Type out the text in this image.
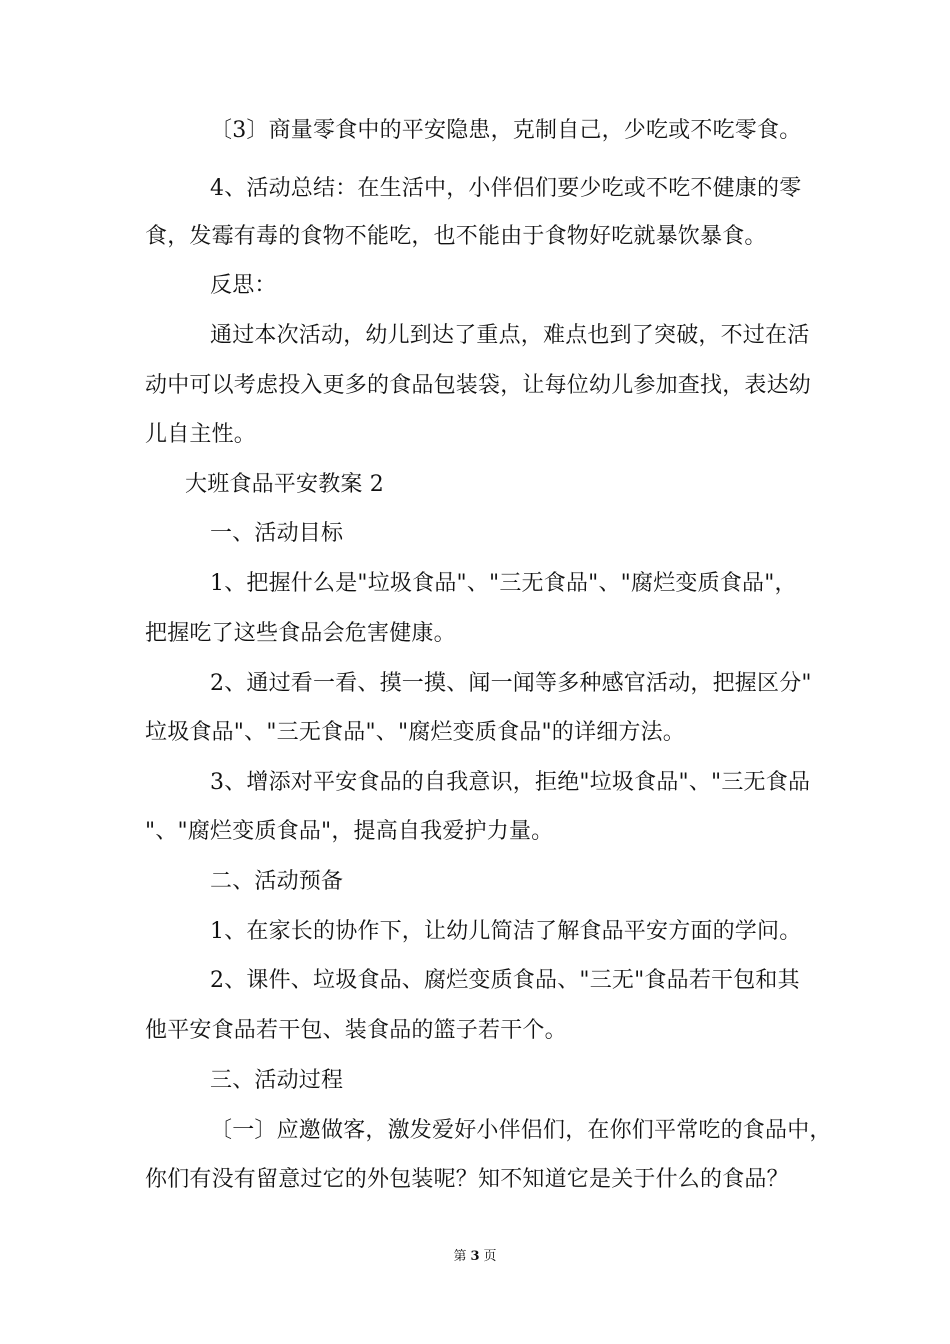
〔3〕商量零食中的平安隐患，克制自己，少吃或不吃零食。
4、活动总结：在生活中，小伴侣们要少吃或不吃不健康的零
食，发霉有毒的食物不能吃，也不能由于食物好吃就暴饮暴食。
反思：
通过本次活动，幼儿到达了重点，难点也到了突破，不过在活
动中可以考虑投入更多的食品包装袋，让每位幼儿参加查找，表达幼
儿自主性。
大班食品平安教案 2
一、活动目标
1、把握什么是"垃圾食品"、"三无食品"、"腐烂变质食品"，
把握吃了这些食品会危害健康。
2、通过看一看、摸一摸、闻一闻等多种感官活动，把握区分"
垃圾食品"、"三无食品"、"腐烂变质食品"的详细方法。
3、增添对平安食品的自我意识，拒绝"垃圾食品"、"三无食品
"、"腐烂变质食品"，提高自我爱护力量。
二、活动预备
1、在家长的协作下，让幼儿简洁了解食品平安方面的学问。
2、课件、垃圾食品、腐烂变质食品、"三无"食品若干包和其
他平安食品若干包、装食品的篮子若干个。
三、活动过程
〔一〕应邀做客，激发爱好小伴侣们，在你们平常吃的食品中，
你们有没有留意过它的外包装呢？知不知道它是关于什么的食品？
第 3 页
